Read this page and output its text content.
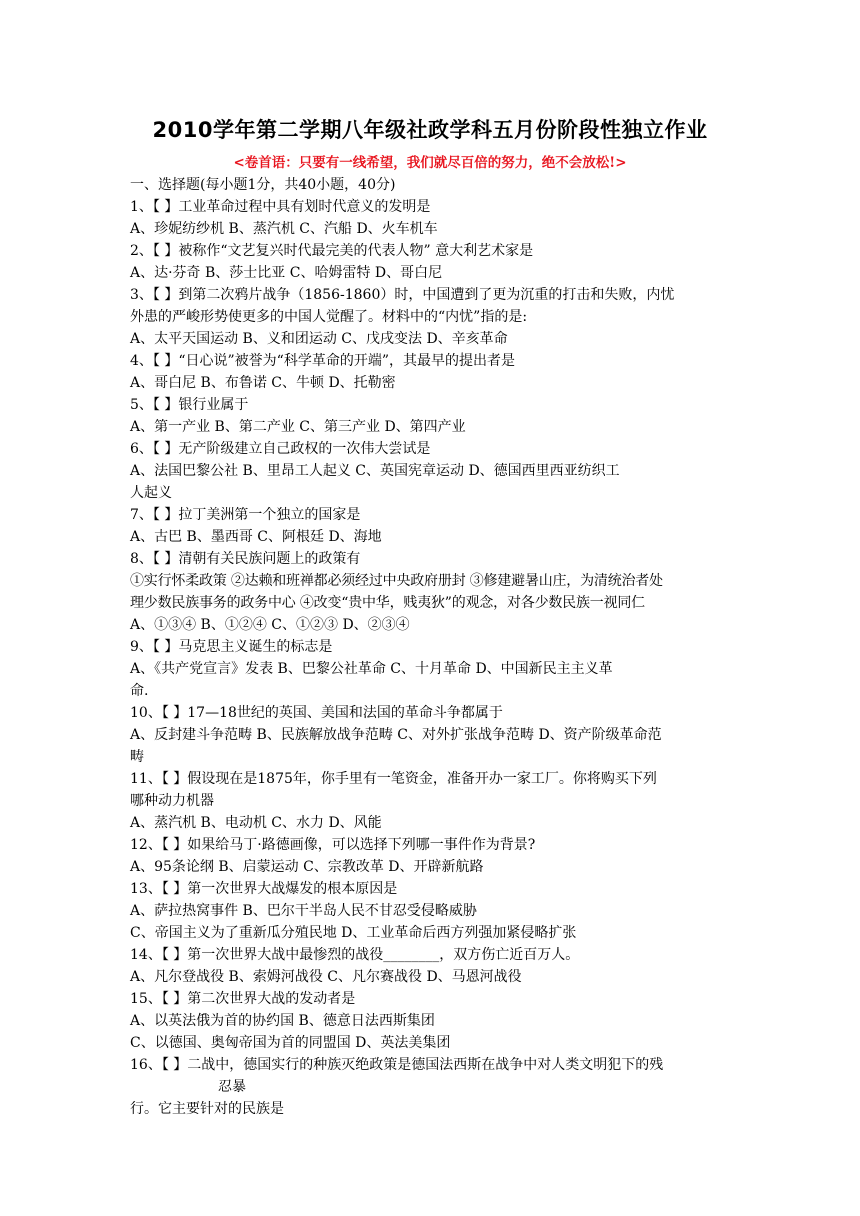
2010学年第二学期八年级社政学科五月份阶段性独立作业
<卷首语：只要有一线希望，我们就尽百倍的努力，绝不会放松!>
一、选择题(每小题1分，共40小题，40分)
1、【 】工业革命过程中具有划时代意义的发明是
A、珍妮纺纱机 B、蒸汽机 C、汽船 D、火车机车
2、【 】被称作“文艺复兴时代最完美的代表人物” 意大利艺术家是
A、达·芬奇 B、莎士比亚 C、哈姆雷特 D、哥白尼
3、【 】到第二次鸦片战争（1856-1860）时，中国遭到了更为沉重的打击和失败，内忧
外患的严峻形势使更多的中国人觉醒了。材料中的“内忧”指的是:
A、太平天国运动 B、义和团运动 C、戊戌变法 D、辛亥革命
4、【 】“日心说”被誉为“科学革命的开端”，其最早的提出者是
A、哥白尼 B、布鲁诺 C、牛顿 D、托勒密
5、【 】银行业属于
A、第一产业 B、第二产业 C、第三产业 D、第四产业
6、【 】无产阶级建立自己政权的一次伟大尝试是
A、法国巴黎公社 B、里昂工人起义 C、英国宪章运动 D、德国西里西亚纺织工
人起义
7、【 】拉丁美洲第一个独立的国家是
A、古巴 B、墨西哥 C、阿根廷 D、海地
8、【 】清朝有关民族问题上的政策有
①实行怀柔政策 ②达赖和班禅都必须经过中央政府册封 ③修建避暑山庄，为清统治者处
理少数民族事务的政务中心 ④改变“贵中华，贱夷狄”的观念，对各少数民族一视同仁
A、①③④ B、①②④ C、①②③ D、②③④
9、【 】马克思主义诞生的标志是
A、《共产党宣言》发表 B、巴黎公社革命 C、十月革命 D、中国新民主主义革
命.
10、【 】17—18世纪的英国、美国和法国的革命斗争都属于
A、反封建斗争范畴 B、民族解放战争范畴 C、对外扩张战争范畴 D、资产阶级革命范
畴
11、【 】假设现在是1875年，你手里有一笔资金，准备开办一家工厂。你将购买下列
哪种动力机器
A、蒸汽机 B、电动机 C、水力 D、风能
12、【 】如果给马丁·路德画像，可以选择下列哪一事件作为背景?
A、95条论纲 B、启蒙运动 C、宗教改革 D、开辟新航路
13、【 】第一次世界大战爆发的根本原因是
A、萨拉热窝事件 B、巴尔干半岛人民不甘忍受侵略威胁
C、帝国主义为了重新瓜分殖民地 D、工业革命后西方列强加紧侵略扩张
14、【 】第一次世界大战中最惨烈的战役________，双方伤亡近百万人。
A、凡尔登战役 B、索姆河战役 C、凡尔赛战役 D、马恩河战役
15、【 】第二次世界大战的发动者是
A、以英法俄为首的协约国 B、德意日法西斯集团
C、以德国、奥匈帝国为首的同盟国 D、英法美集团
16、【 】二战中，德国实行的种族灭绝政策是德国法西斯在战争中对人类文明犯下的残
忍暴
行。它主要针对的民族是
